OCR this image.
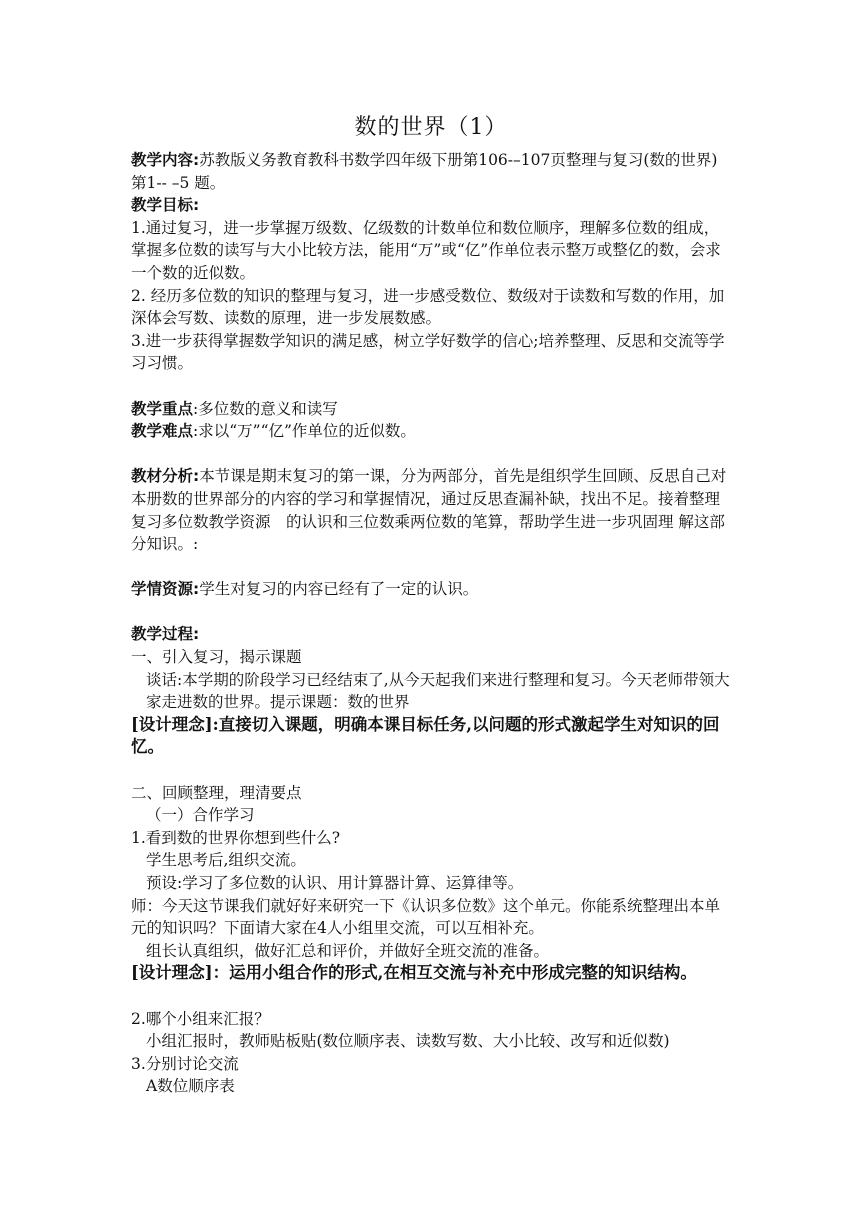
数的世界（1）

教学内容:苏教版义务教育教科书数学四年级下册第106-–107页整理与复习(数的世界)第1-- –5 题。

教学目标:

1.通过复习，进一步掌握万级数、亿级数的计数单位和数位顺序，理解多位数的组成，掌握多位数的读写与大小比较方法，能用“万”或“亿”作单位表示整万或整亿的数，会求一个数的近似数。

2. 经历多位数的知识的整理与复习，进一步感受数位、数级对于读数和写数的作用，加深体会写数、读数的原理，进一步发展数感。

3.进一步获得掌握数学知识的满足感，树立学好数学的信心;培养整理、反思和交流等学习习惯。

教学重点:多位数的意义和读写

教学难点:求以“万”“亿”作单位的近似数。

教材分析:本节课是期末复习的第一课，分为两部分，首先是组织学生回顾、反思自己对本册数的世界部分的内容的学习和掌握情况，通过反思查漏补缺，找出不足。接着整理复习多位数教学资源　的认识和三位数乘两位数的笔算，帮助学生进一步巩固理 解这部分知识。:

学情资源:学生对复习的内容已经有了一定的认识。

教学过程:

一、引入复习，揭示课题

谈话:本学期的阶段学习已经结束了,从今天起我们来进行整理和复习。今天老师带领大家走进数的世界。提示课题：数的世界

[设计理念]:直接切入课题，明确本课目标任务,以问题的形式激起学生对知识的回忆。

二、回顾整理，理清要点

（一）合作学习

1.看到数的世界你想到些什么?

学生思考后,组织交流。

预设:学习了多位数的认识、用计算器计算、运算律等。

师：今天这节课我们就好好来研究一下《认识多位数》这个单元。你能系统整理出本单元的知识吗？下面请大家在4人小组里交流，可以互相补充。

组长认真组织，做好汇总和评价，并做好全班交流的准备。

[设计理念]：运用小组合作的形式,在相互交流与补充中形成完整的知识结构。

2.哪个小组来汇报？

小组汇报时，教师贴板贴(数位顺序表、读数写数、大小比较、改写和近似数)

3.分别讨论交流

A数位顺序表
